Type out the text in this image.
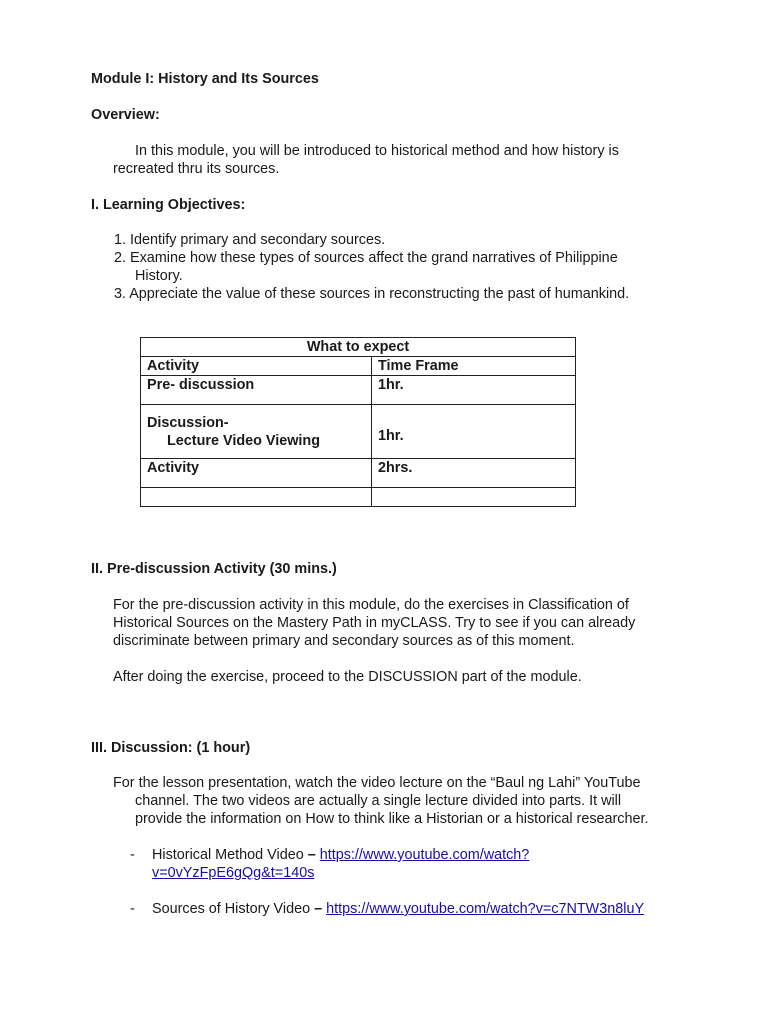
Module I: History and Its Sources
Overview:
In this module, you will be introduced to historical method and how history is
recreated thru its sources.
I. Learning Objectives:
1. Identify primary and secondary sources.
2. Examine how these types of sources affect the grand narratives of Philippine
History.
3. Appreciate the value of these sources in reconstructing the past of humankind.
What to expect	
Activity	Time Frame
Pre- discussion	1hr.

Discussion-
Lecture Video Viewing	1hr.
Activity	2hrs.

II. Pre-discussion Activity (30 mins.)
For the pre-discussion activity in this module, do the exercises in Classification of
Historical Sources on the Mastery Path in myCLASS. Try to see if you can already
discriminate between primary and secondary sources as of this moment.
After doing the exercise, proceed to the DISCUSSION part of the module.
III. Discussion: (1 hour)
For the lesson presentation, watch the video lecture on the “Baul ng Lahi” YouTube
channel. The two videos are actually a single lecture divided into parts. It will
provide the information on How to think like a Historian or a historical researcher.
- Historical Method Video – https://www.youtube.com/watch?
v=0vYzFpE6gQg&t=140s
- Sources of History Video – https://www.youtube.com/watch?v=c7NTW3n8luY
